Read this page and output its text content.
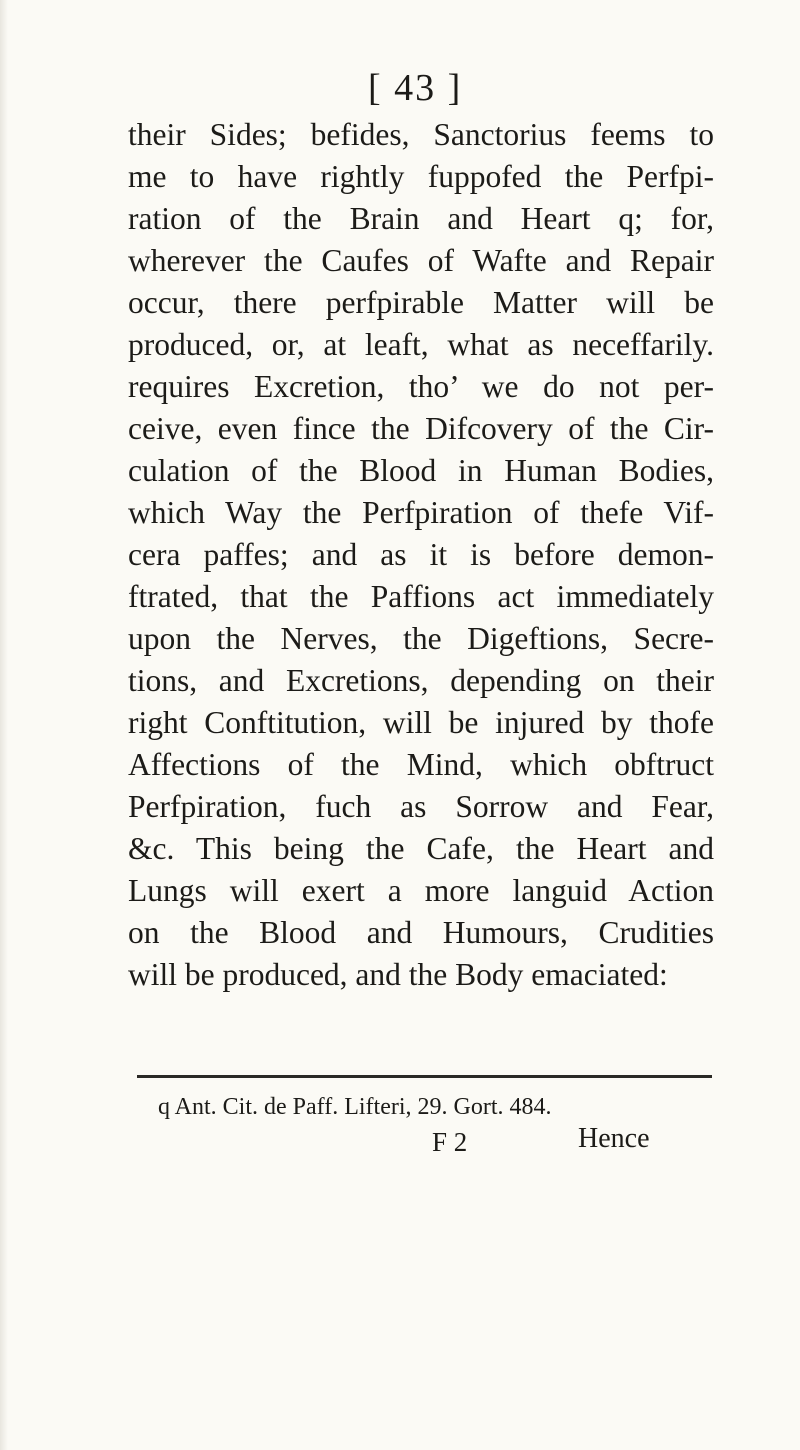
[ 43 ]
their Sides; befides, Sanctorius feems to
me to have rightly fuppofed the Perfpi-
ration of the Brain and Heart q; for,
wherever the Caufes of Wafte and Repair
occur, there perfpirable Matter will be
produced, or, at leaft, what as neceffarily.
requires Excretion, tho’ we do not per-
ceive, even fince the Difcovery of the Cir-
culation of the Blood in Human Bodies,
which Way the Perfpiration of thefe Vif-
cera paffes; and as it is before demon-
ftrated, that the Paffions act immediately
upon the Nerves, the Digeftions, Secre-
tions, and Excretions, depending on their
right Conftitution, will be injured by thofe
Affections of the Mind, which obftruct
Perfpiration, fuch as Sorrow and Fear,
&c. This being the Cafe, the Heart and
Lungs will exert a more languid Action
on the Blood and Humours, Crudities
will be produced, and the Body emaciated:
q Ant. Cit. de Paff. Lifteri, 29. Gort. 484.
F 2	Hence
